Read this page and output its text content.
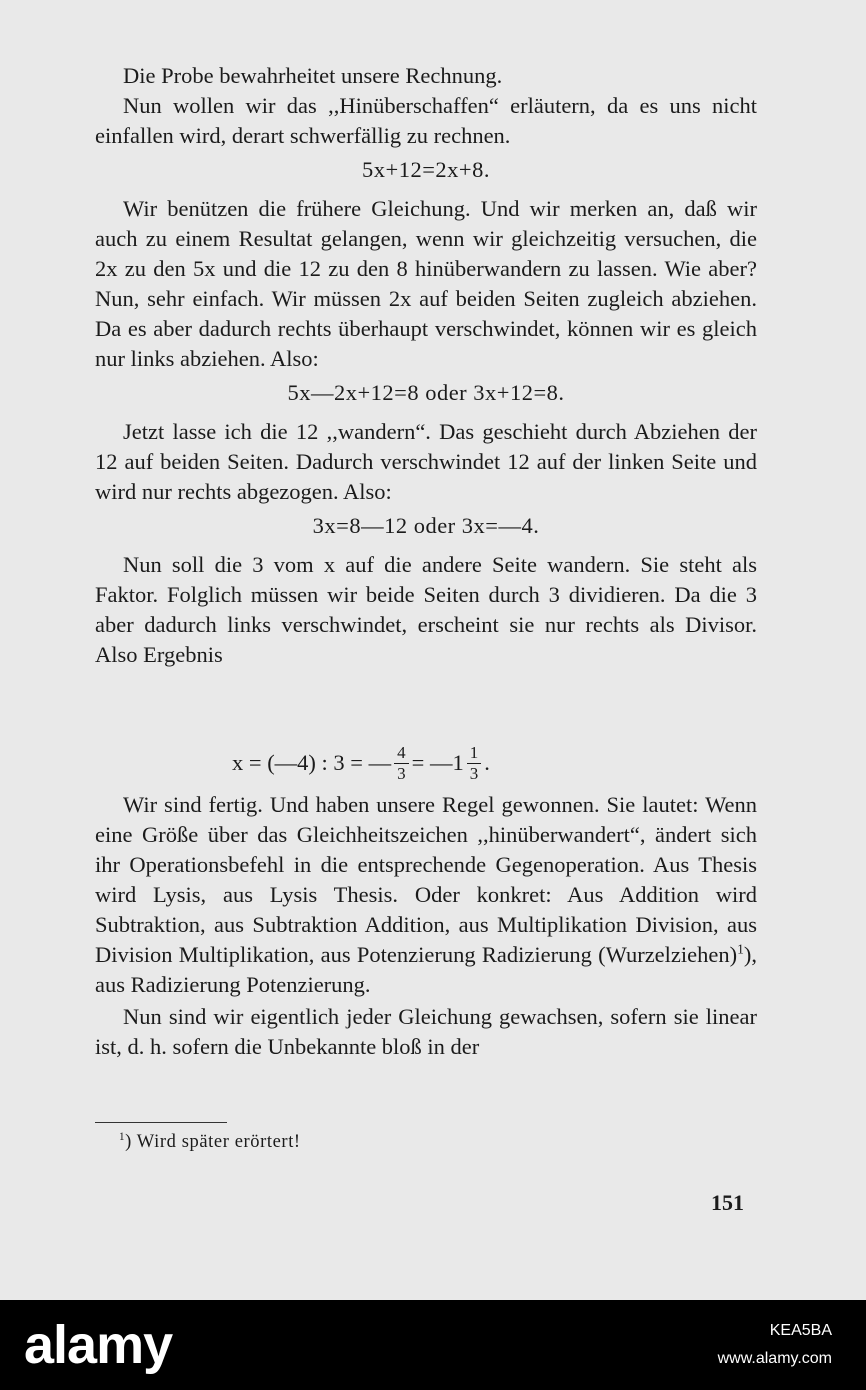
Die Probe bewahrheitet unsere Rechnung.

Nun wollen wir das ,,Hinüberschaffen“ erläutern, da es uns nicht einfallen wird, derart schwerfällig zu rechnen.

5x+12=2x+8.

Wir benützen die frühere Gleichung. Und wir merken an, daß wir auch zu einem Resultat gelangen, wenn wir gleichzeitig versuchen, die 2x zu den 5x und die 12 zu den 8 hinüberwandern zu lassen. Wie aber? Nun, sehr einfach. Wir müssen 2x auf beiden Seiten zugleich abziehen. Da es aber dadurch rechts überhaupt verschwindet, können wir es gleich nur links abziehen. Also:

5x—2x+12=8 oder 3x+12=8.

Jetzt lasse ich die 12 ,,wandern“. Das geschieht durch Abziehen der 12 auf beiden Seiten. Dadurch verschwindet 12 auf der linken Seite und wird nur rechts abgezogen. Also:

3x=8—12 oder 3x=—4.

Nun soll die 3 vom x auf die andere Seite wandern. Sie steht als Faktor. Folglich müssen wir beide Seiten durch 3 dividieren. Da die 3 aber dadurch links verschwindet, erscheint sie nur rechts als Divisor. Also Ergebnis

x = (—4) : 3 = — $\frac{4}{3}$ = —1 $\frac{1}{3}$ .

Wir sind fertig. Und haben unsere Regel gewonnen. Sie lautet: Wenn eine Größe über das Gleichheitszeichen ,,hinüberwandert“, ändert sich ihr Operationsbefehl in die entsprechende Gegenoperation. Aus Thesis wird Lysis, aus Lysis Thesis. Oder konkret: Aus Addition wird Subtraktion, aus Subtraktion Addition, aus Multiplikation Division, aus Division Multiplikation, aus Potenzierung Radizierung (Wurzelziehen)$^1$), aus Radizierung Potenzierung.

Nun sind wir eigentlich jeder Gleichung gewachsen, sofern sie linear ist, d. h. sofern die Unbekannte bloß in der

$^1$) Wird später erörtert!
151
alamy	KEA5BA
www.alamy.com
